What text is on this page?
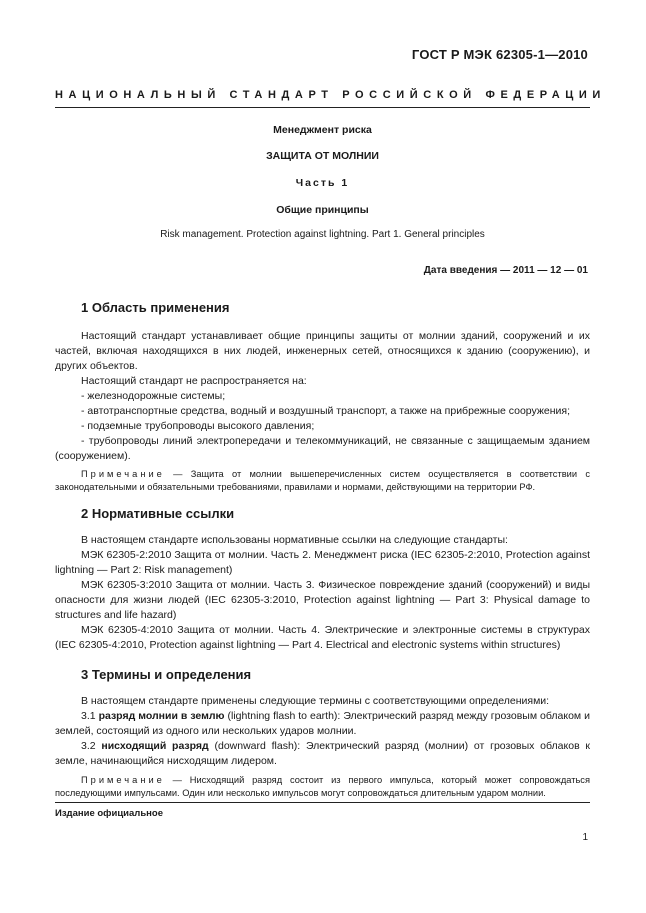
ГОСТ Р МЭК 62305-1—2010
НАЦИОНАЛЬНЫЙ СТАНДАРТ РОССИЙСКОЙ ФЕДЕРАЦИИ
Менеджмент риска
ЗАЩИТА ОТ МОЛНИИ
Часть 1
Общие принципы
Risk management. Protection against lightning. Part 1. General principles
Дата введения — 2011 — 12 — 01
1 Область применения

Настоящий стандарт устанавливает общие принципы защиты от молнии зданий, сооружений и их частей, включая находящихся в них людей, инженерных сетей, относящихся к зданию (сооружению), и других объектов.

Настоящий стандарт не распространяется на:

- железнодорожные системы;

- автотранспортные средства, водный и воздушный транспорт, а также на прибрежные сооружения;

- подземные трубопроводы высокого давления;

- трубопроводы линий электропередачи и телекоммуникаций, не связанные с защищаемым зданием (сооружением).

Примечание — Защита от молнии вышеперечисленных систем осуществляется в соответствии с законодательными и обязательными требованиями, правилами и нормами, действующими на территории РФ.

2 Нормативные ссылки

В настоящем стандарте использованы нормативные ссылки на следующие стандарты:

МЭК 62305-2:2010 Защита от молнии. Часть 2. Менеджмент риска (IEC 62305-2:2010, Protection against lightning — Part 2: Risk management)

МЭК 62305-3:2010 Защита от молнии. Часть 3. Физическое повреждение зданий (сооружений) и виды опасности для жизни людей (IEC 62305-3:2010, Protection against lightning — Part 3: Physical damage to structures and life hazard)

МЭК 62305-4:2010 Защита от молнии. Часть 4. Электрические и электронные системы в структурах (IEC 62305-4:2010, Protection against lightning — Part 4. Electrical and electronic systems within structures)

3 Термины и определения

В настоящем стандарте применены следующие термины с соответствующими определениями:

3.1 разряд молнии в землю (lightning flash to earth): Электрический разряд между грозовым облаком и землей, состоящий из одного или нескольких ударов молнии.

3.2 нисходящий разряд (downward flash): Электрический разряд (молнии) от грозовых облаков к земле, начинающийся нисходящим лидером.

Примечание — Нисходящий разряд состоит из первого импульса, который может сопровождаться последующими импульсами. Один или несколько импульсов могут сопровождаться длительным ударом молнии.

Издание официальное
1
